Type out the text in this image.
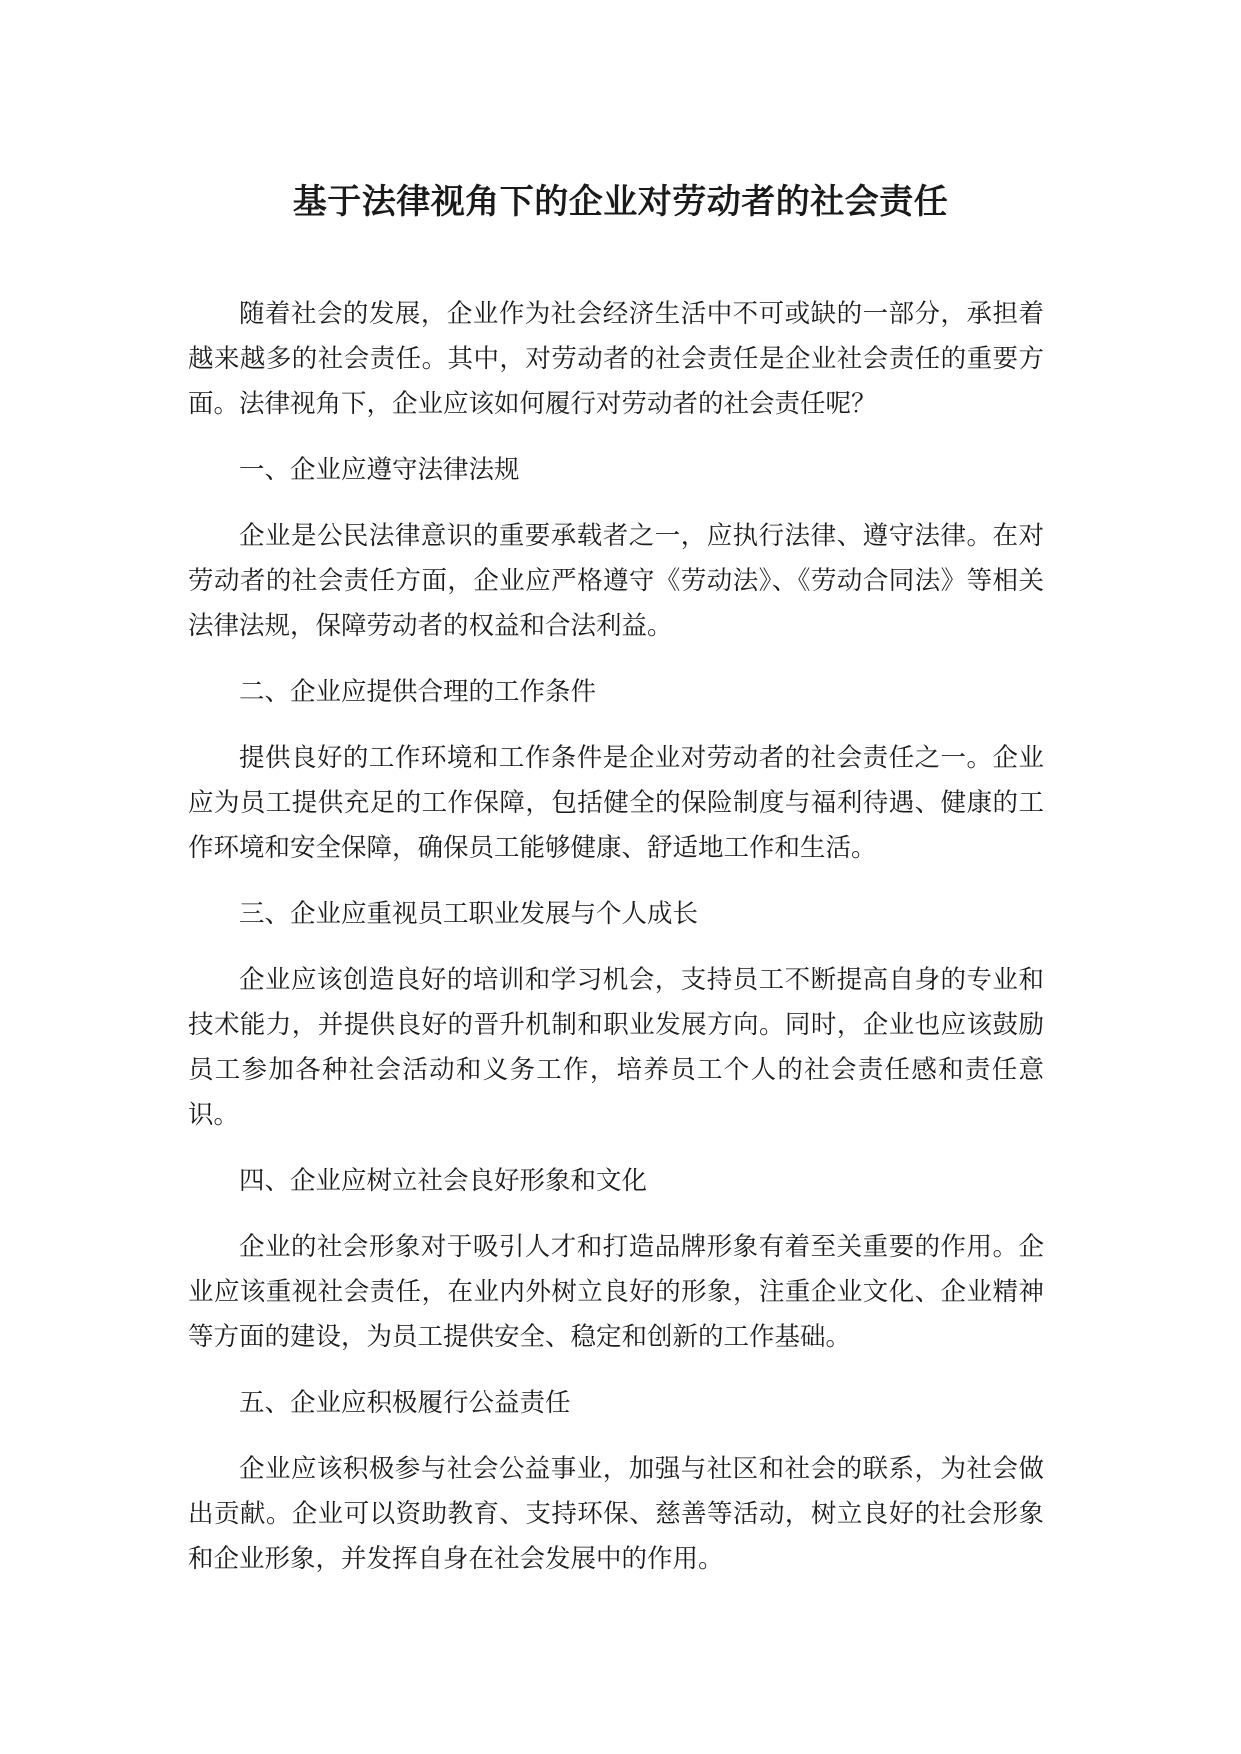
基于法律视角下的企业对劳动者的社会责任

随着社会的发展，企业作为社会经济生活中不可或缺的一部分，承担着越来越多的社会责任。其中，对劳动者的社会责任是企业社会责任的重要方面。法律视角下，企业应该如何履行对劳动者的社会责任呢？

一、企业应遵守法律法规

企业是公民法律意识的重要承载者之一，应执行法律、遵守法律。在对劳动者的社会责任方面，企业应严格遵守《劳动法》、《劳动合同法》等相关法律法规，保障劳动者的权益和合法利益。

二、企业应提供合理的工作条件

提供良好的工作环境和工作条件是企业对劳动者的社会责任之一。企业应为员工提供充足的工作保障，包括健全的保险制度与福利待遇、健康的工作环境和安全保障，确保员工能够健康、舒适地工作和生活。

三、企业应重视员工职业发展与个人成长

企业应该创造良好的培训和学习机会，支持员工不断提高自身的专业和技术能力，并提供良好的晋升机制和职业发展方向。同时，企业也应该鼓励员工参加各种社会活动和义务工作，培养员工个人的社会责任感和责任意识。

四、企业应树立社会良好形象和文化

企业的社会形象对于吸引人才和打造品牌形象有着至关重要的作用。企业应该重视社会责任，在业内外树立良好的形象，注重企业文化、企业精神等方面的建设，为员工提供安全、稳定和创新的工作基础。

五、企业应积极履行公益责任

企业应该积极参与社会公益事业，加强与社区和社会的联系，为社会做出贡献。企业可以资助教育、支持环保、慈善等活动，树立良好的社会形象和企业形象，并发挥自身在社会发展中的作用。
